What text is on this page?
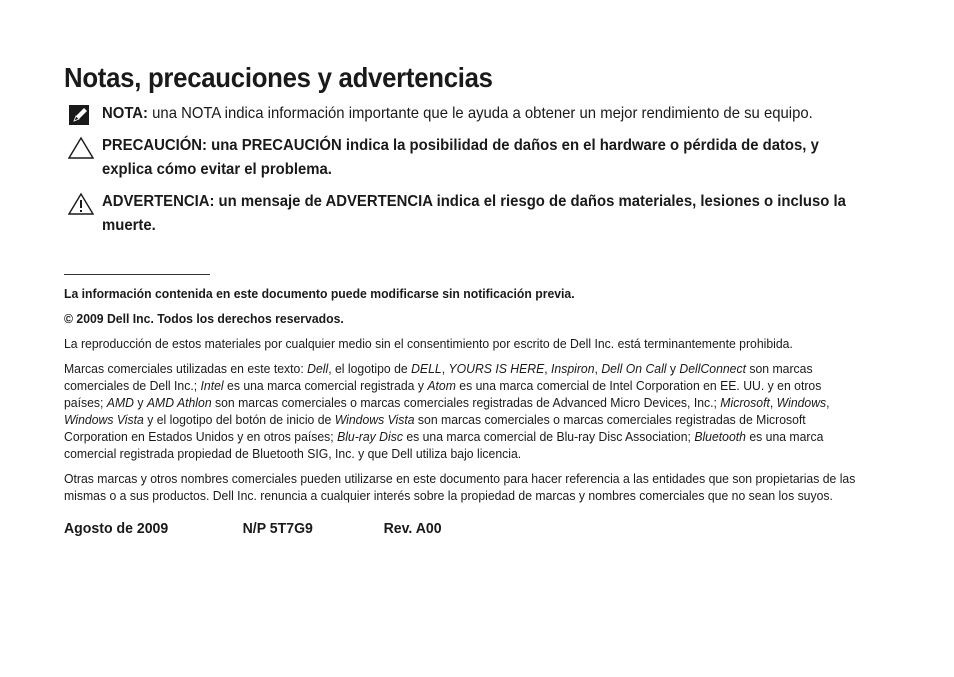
Notas, precauciones y advertencias

NOTA: una NOTA indica información importante que le ayuda a obtener un mejor rendimiento de su equipo.

PRECAUCIÓN: una PRECAUCIÓN indica la posibilidad de daños en el hardware o pérdida de datos, y explica cómo evitar el problema.

ADVERTENCIA: un mensaje de ADVERTENCIA indica el riesgo de daños materiales, lesiones o incluso la muerte.

La información contenida en este documento puede modificarse sin notificación previa.

© 2009 Dell Inc. Todos los derechos reservados.

La reproducción de estos materiales por cualquier medio sin el consentimiento por escrito de Dell Inc. está terminantemente prohibida.

Marcas comerciales utilizadas en este texto: Dell, el logotipo de DELL, YOURS IS HERE, Inspiron, Dell On Call y DellConnect son marcas comerciales de Dell Inc.; Intel es una marca comercial registrada y Atom es una marca comercial de Intel Corporation en EE. UU. y en otros países; AMD y AMD Athlon son marcas comerciales o marcas comerciales registradas de Advanced Micro Devices, Inc.; Microsoft, Windows, Windows Vista y el logotipo del botón de inicio de Windows Vista son marcas comerciales o marcas comerciales registradas de Microsoft Corporation en Estados Unidos y en otros países; Blu-ray Disc es una marca comercial de Blu-ray Disc Association; Bluetooth es una marca comercial registrada propiedad de Bluetooth SIG, Inc. y que Dell utiliza bajo licencia.

Otras marcas y otros nombres comerciales pueden utilizarse en este documento para hacer referencia a las entidades que son propietarias de las mismas o a sus productos. Dell Inc. renuncia a cualquier interés sobre la propiedad de marcas y nombres comerciales que no sean los suyos.

Agosto de 2009	N/P 5T7G9	Rev. A00
